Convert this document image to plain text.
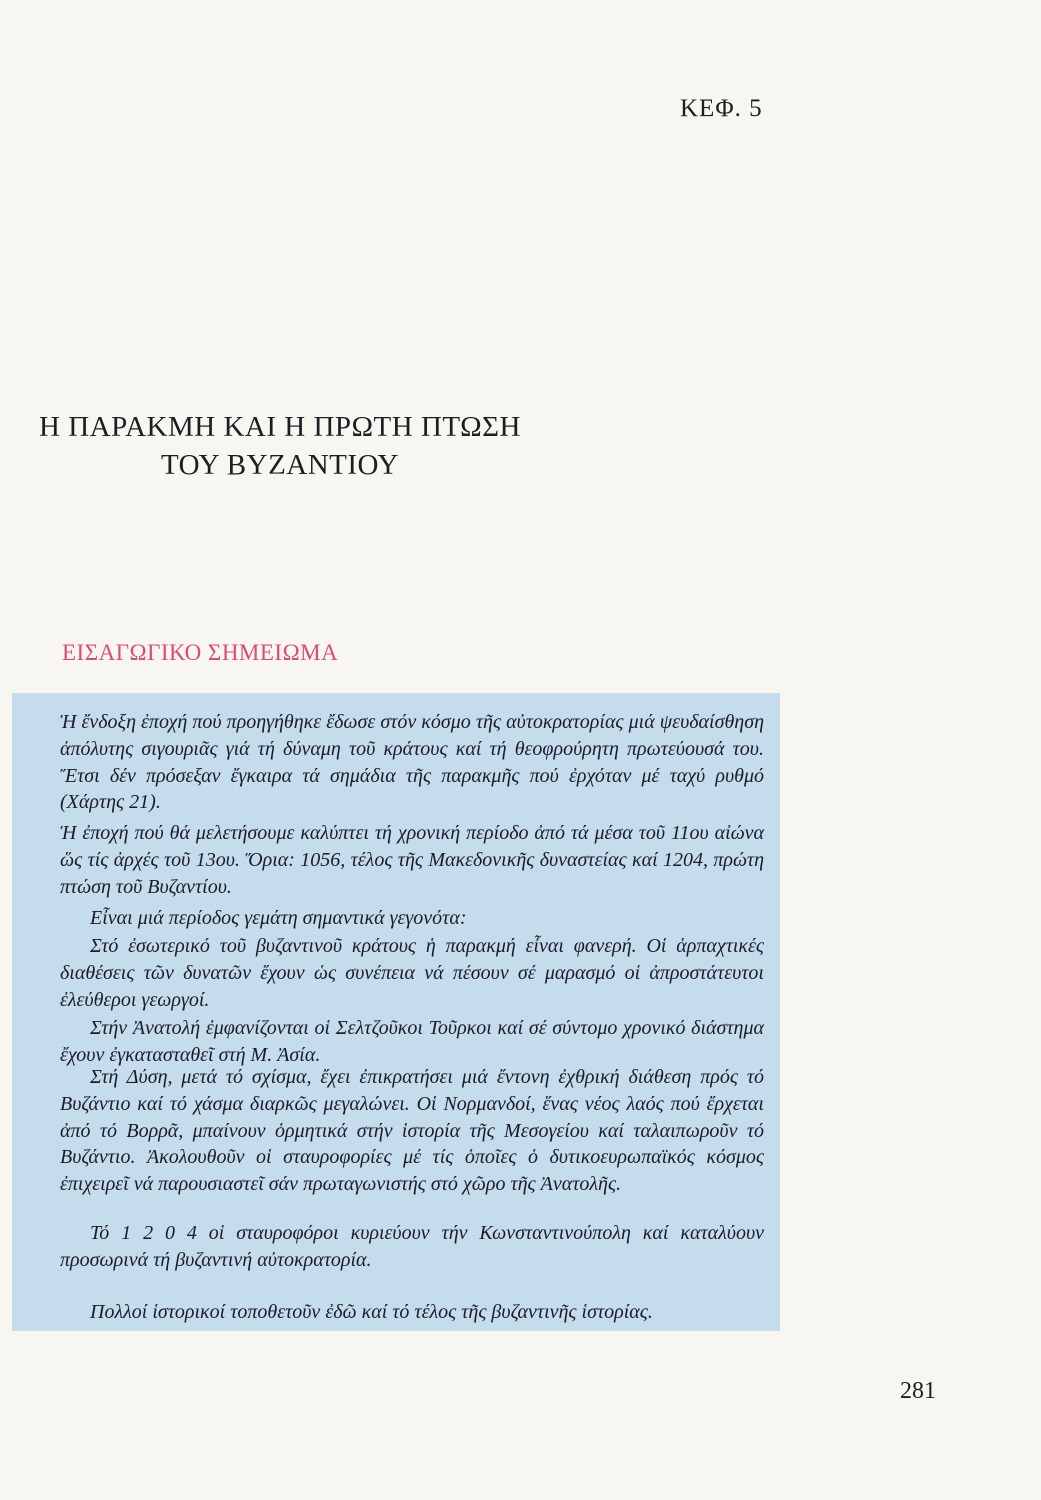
ΚΕΦ. 5
Η ΠΑΡΑΚΜΗ ΚΑΙ Η ΠΡΩΤΗ ΠΤΩΣΗ
ΤΟΥ ΒΥΖΑΝΤΙΟΥ
ΕΙΣΑΓΩΓΙΚΟ ΣΗΜΕΙΩΜΑ
Ἡ ἔνδοξη ἐποχή πού προηγήθηκε ἔδωσε στόν κόσμο τῆς αὐτοκρατορίας μιά ψευδαίσθηση ἀπόλυτης σιγουριᾶς γιά τή δύναμη τοῦ κράτους καί τή θεοφρούρητη πρωτεύουσά του. Ἔτσι δέν πρόσεξαν ἔγκαιρα τά σημάδια τῆς παρακμῆς πού ἐρχόταν μέ ταχύ ρυθμό (Χάρτης 21).
Ἡ ἐποχή πού θά μελετήσουμε καλύπτει τή χρονική περίοδο ἀπό τά μέσα τοῦ 11ου αἰώνα ὥς τίς ἀρχές τοῦ 13ου. Ὅρια: 1056, τέλος τῆς Μακεδονικῆς δυναστείας καί 1204, πρώτη πτώση τοῦ Βυζαντίου.
Εἶναι μιά περίοδος γεμάτη σημαντικά γεγονότα:
Στό ἐσωτερικό τοῦ βυζαντινοῦ κράτους ἡ παρακμή εἶναι φανερή. Οἱ ἁρπαχτικές διαθέσεις τῶν δυνατῶν ἔχουν ὡς συνέπεια νά πέσουν σέ μαρασμό οἱ ἀπροστάτευτοι ἐλεύθεροι γεωργοί.
Στήν Ἀνατολή ἐμφανίζονται οἱ Σελτζοῦκοι Τοῦρκοι καί σέ σύντομο χρονικό διάστημα ἔχουν ἐγκατασταθεῖ στή Μ. Ἀσία.
Στή Δύση, μετά τό σχίσμα, ἔχει ἐπικρατήσει μιά ἔντονη ἐχθρική διάθεση πρός τό Βυζάντιο καί τό χάσμα διαρκῶς μεγαλώνει. Οἱ Νορμανδοί, ἕνας νέος λαός πού ἔρχεται ἀπό τό Βορρᾶ, μπαίνουν ὁρμητικά στήν ἱστορία τῆς Μεσογείου καί ταλαιπωροῦν τό Βυζάντιο. Ἀκολουθοῦν οἱ σταυροφορίες μέ τίς ὁποῖες ὁ δυτικοευρωπαϊκός κόσμος ἐπιχειρεῖ νά παρουσιαστεῖ σάν πρωταγωνιστής στό χῶρο τῆς Ἀνατολῆς.
Τό 1 2 0 4 οἱ σταυροφόροι κυριεύουν τήν Κωνσταντινούπολη καί καταλύουν προσωρινά τή βυζαντινή αὐτοκρατορία.
Πολλοί ἱστορικοί τοποθετοῦν ἐδῶ καί τό τέλος τῆς βυζαντινῆς ἱστορίας.
281
